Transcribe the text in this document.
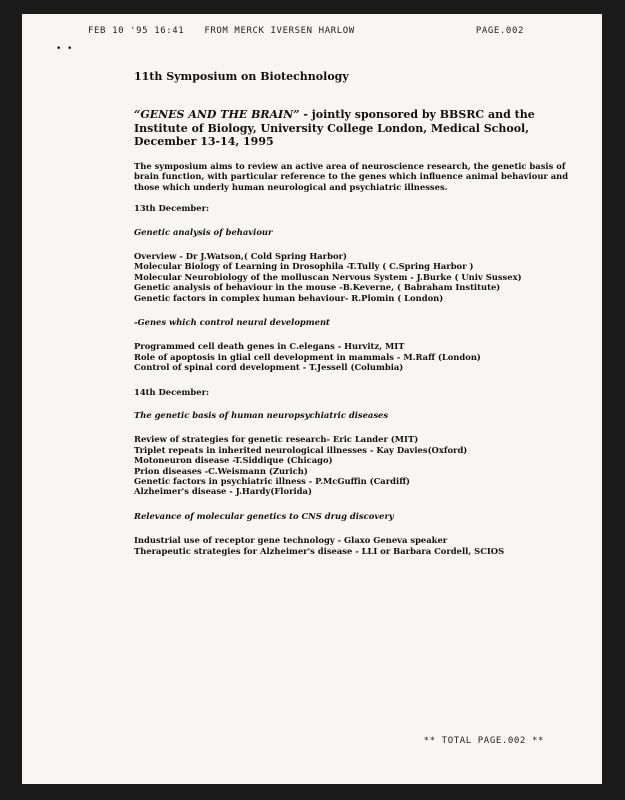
FEB 10 '95 16:41 FROM MERCK IVERSEN HARLOW	PAGE.002
•  •
11th Symposium on Biotechnology
“GENES AND THE BRAIN” - jointly sponsored by BBSRC and the Institute of Biology, University College London, Medical School, December 13-14, 1995
The symposium aims to review an active area of neuroscience research, the genetic basis of brain function, with particular reference to the genes which influence animal behaviour and those which underly human neurological and psychiatric illnesses.
13th December:
Genetic analysis of behaviour
Overview - Dr J.Watson,( Cold Spring Harbor)
Molecular Biology of Learning in Drosophila -T.Tully ( C.Spring Harbor )
Molecular Neurobiology of the molluscan Nervous System - J.Burke ( Univ Sussex)
Genetic analysis of behaviour in the mouse -B.Keverne, ( Babraham Institute)
Genetic factors in complex human behaviour- R.Plomin ( London)
-Genes which control neural development
Programmed cell death genes in C.elegans - Hurvitz, MIT
Role of apoptosis in glial cell development in mammals - M.Raff (London)
Control of spinal cord development - T.Jessell (Columbia)
14th December:
The genetic basis of human neuropsychiatric diseases
Review of strategies for genetic research- Eric Lander (MIT)
Triplet repeats in inherited neurological illnesses - Kay Davies(Oxford)
Motoneuron disease -T.Siddique (Chicago)
Prion diseases -C.Weismann (Zurich)
Genetic factors in psychiatric illness - P.McGuffin (Cardiff)
Alzheimer's disease - J.Hardy(Florida)
Relevance of molecular genetics to CNS drug discovery
Industrial use of receptor gene technology - Glaxo Geneva speaker
Therapeutic strategies for Alzheimer's disease - LLI or Barbara Cordell, SCIOS
** TOTAL PAGE.002 **
